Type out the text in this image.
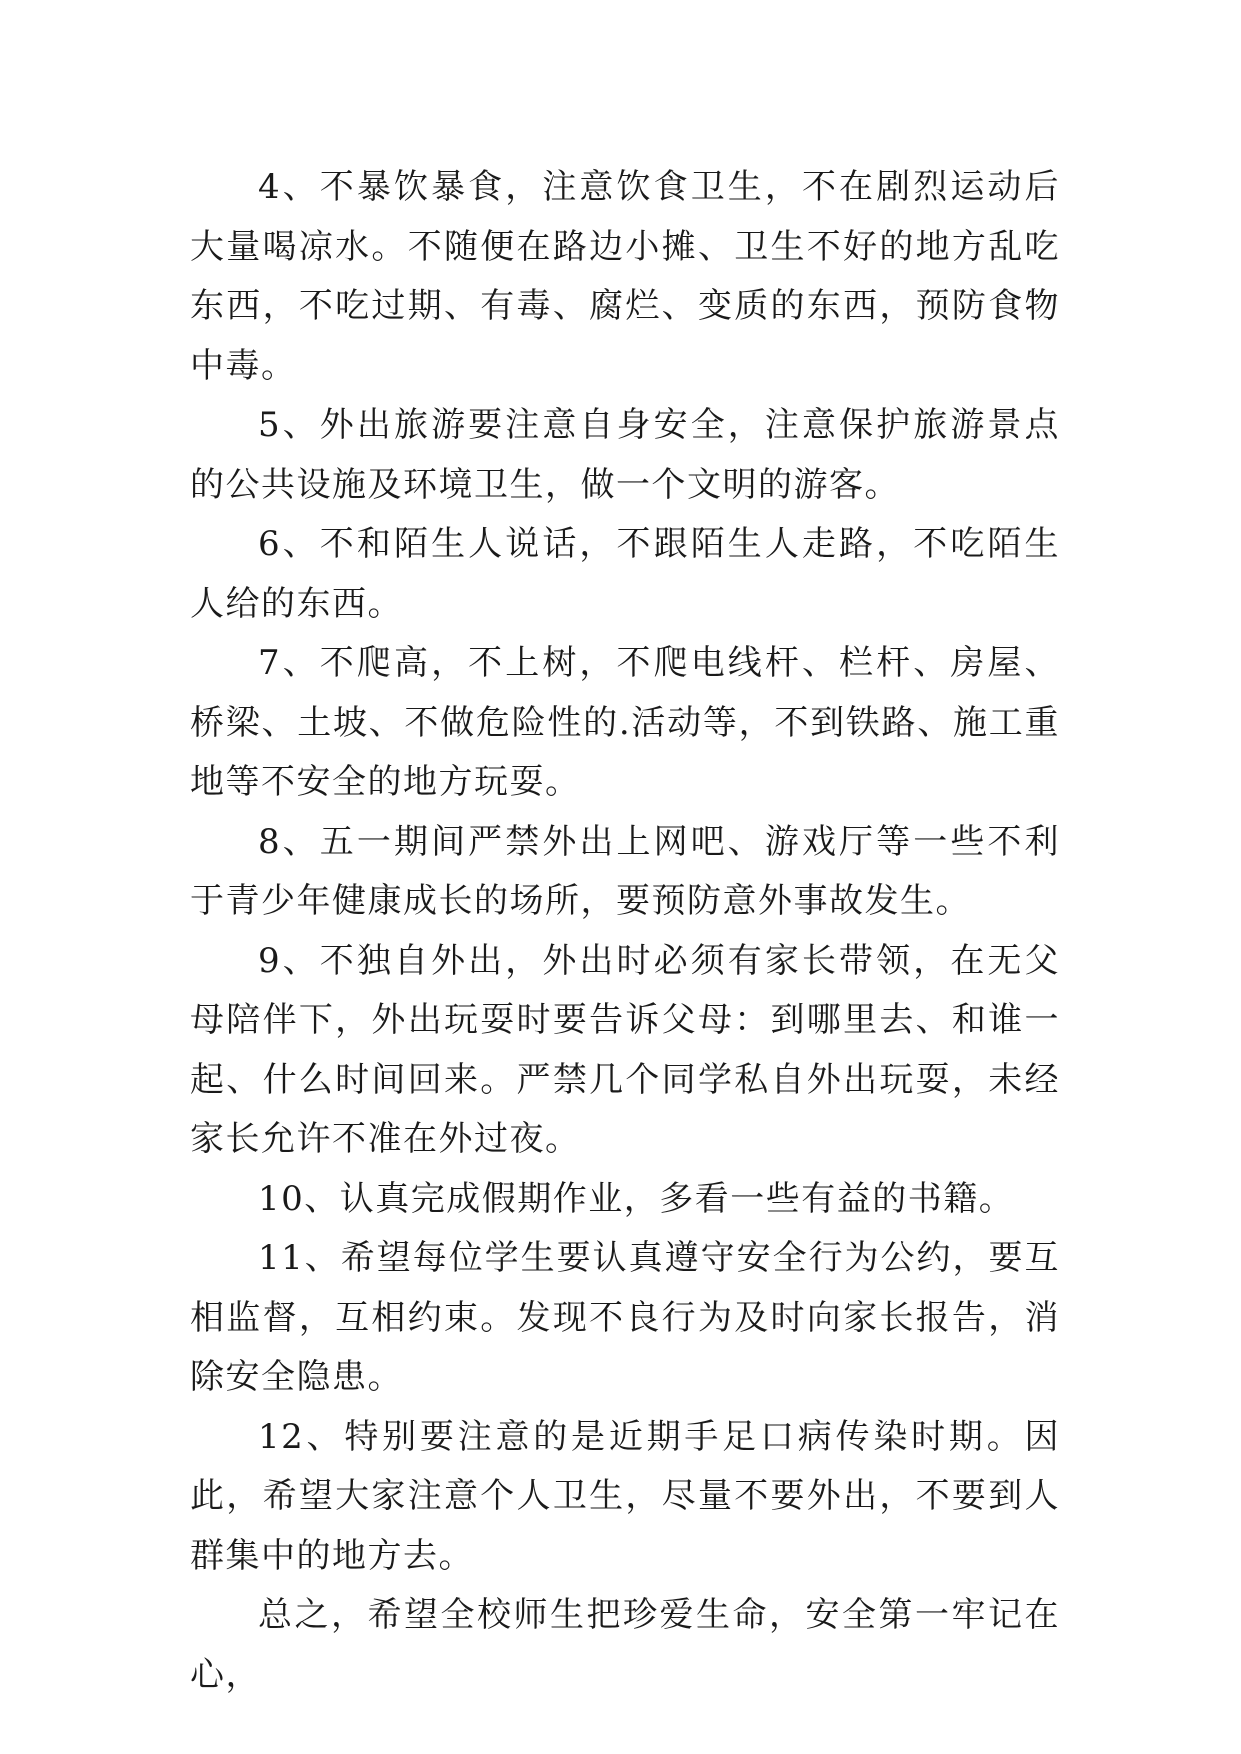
4、不暴饮暴食，注意饮食卫生，不在剧烈运动后大量喝凉水。不随便在路边小摊、卫生不好的地方乱吃东西，不吃过期、有毒、腐烂、变质的东西，预防食物中毒。

5、外出旅游要注意自身安全，注意保护旅游景点的公共设施及环境卫生，做一个文明的游客。

6、不和陌生人说话，不跟陌生人走路，不吃陌生人给的东西。

7、不爬高，不上树，不爬电线杆、栏杆、房屋、桥梁、土坡、不做危险性的.活动等，不到铁路、施工重地等不安全的地方玩耍。

8、五一期间严禁外出上网吧、游戏厅等一些不利于青少年健康成长的场所，要预防意外事故发生。

9、不独自外出，外出时必须有家长带领，在无父母陪伴下，外出玩耍时要告诉父母：到哪里去、和谁一起、什么时间回来。严禁几个同学私自外出玩耍，未经家长允许不准在外过夜。

10、认真完成假期作业，多看一些有益的书籍。

11、希望每位学生要认真遵守安全行为公约，要互相监督，互相约束。发现不良行为及时向家长报告，消除安全隐患。

12、特别要注意的是近期手足口病传染时期。因此，希望大家注意个人卫生，尽量不要外出，不要到人群集中的地方去。

总之，希望全校师生把珍爱生命，安全第一牢记在心，
